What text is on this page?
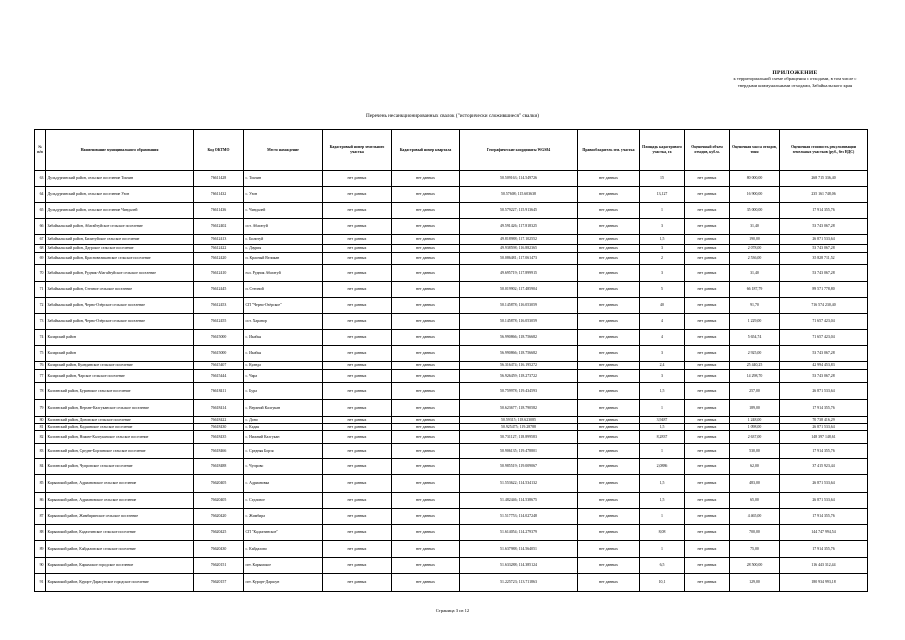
ПРИЛОЖЕНИЕ
к территориальной схеме обращения с отходами, в том числе с
твердыми коммунальными отходами, Забайкальского края
Перечень несанкционированных свалок ("исторически сложившиеся" свалки)
№ п/п	Наименование муниципального образования	Код ОКТМО	Место нахождение	Кадастровый номер земельного участка	Кадастровый номер квартала	Географические координаты WGS84	Правообладатель зем. участка	Площадь кадастрового участка, га	Оценочный объем отходов, куб.м.	Оценочная масса отходов, тонн	Оценочная стоимость рекультивации земельных участков (руб., без НДС)
63	Дульдургинский район, сельское поселение Токчин	76611428	с. Токчин	нет данных	нет данных	50.509163; 114.549726	нет данных	15	нет данных	80 000,00	268 715 336,40
64	Дульдургинский район, сельское поселение Узон	76611432	с. Узон	нет данных	нет данных	50.57608; 115.603638	нет данных	13,127	нет данных	16 900,00	235 161 748,06
65	Дульдургинский район, сельское поселение Чиндалей	76611436	с. Чиндалей	нет данных	нет данных	50.579227; 115.913645	нет данных	1	нет данных	35 000,00	17 914 355,76
66	Забайкальский район, Абагайтуйское сельское поселение	76612402	ост. Абагатуй	нет данных	нет данных	49.591426; 117.818325	нет данных	3	нет данных	31,40	53 743 067,28
67	Забайкальский район, Билитуйское сельское поселение	76612413	с. Билитуй	нет данных	нет данных	49.818988; 117.102552	нет данных	1,5	нет данных	190,00	26 871 533,64
68	Забайкальский район, Даурское сельское поселение	76612422	с. Даурия	нет данных	нет данных	49.938598; 116.882365	нет данных	3	нет данных	2 078,00	53 743 067,28
69	Забайкальский район, Красновеликанское сельское поселение	76612420	п. Красный Великан	нет данных	нет данных	50.086481; 117.061473	нет данных	2	нет данных	2 536,00	35 828 711,52
70	Забайкальский район, Рудник-Абагайтуйское сельское поселение	76612410	н.п. Рудник Абагатуй	нет данных	нет данных	49.695719; 117.899915	нет данных	3	нет данных	31,40	53 743 067,28
71	Забайкальский район, Степное сельское поселение	76612445	п. Степной	нет данных	нет данных	50.019902; 117.485904	нет данных	5	нет данных	66 187,79	89 571 778,80
72	Забайкальский район, Черно-Озёрское сельское поселение	76612453	СП "Черно-Озёрское"	нет данных	нет данных	50.145878; 116.053059	нет данных	40	нет данных	91,70	716 574 230,40
73	Забайкальский район, Черно-Озёрское сельское поселение	76612455	ост. Харанор	нет данных	нет данных	50.145878; 116.053059	нет данных	4	нет данных	1 229,00	71 657 423,04
74	Каларский район	76615000	с. Икабья	нет данных	нет данных	56.990866; 118.756682	нет данных	4	нет данных	5 654,74	71 657 423,04
75	Каларский район	76615000	с. Икабья	нет данных	нет данных	56.990866; 118.756682	нет данных	3	нет данных	2 925,00	53 743 067,28
76	Каларский район, Куандинское сельское поселение	76615407	с. Куанда	нет данных	нет данных	56.316474; 116.195272	нет данных	2,4	нет данных	25 440,25	42 994 453,83
77	Каларский район, Чарское сельское поселение	76615444	с. Чара	нет данных	нет данных	56.926459; 118.273722	нет данных	3	нет данных	14 298,70	53 743 067,28
78	Калганский район, Буринское сельское поселение	76618411	с. Бура	нет данных	нет данных	50.759978; 119.434593	нет данных	1,5	нет данных	257,00	26 871 533,64
79	Калганский район, Верхне-Калгуканское сельское поселение	76618414	с. Верхний Калгукан	нет данных	нет данных	50.623677; 118.790582	нет данных	1	нет данных	189,00	17 914 355,76
80	Калганский район, Доновское сельское поселение	76618422	с. Доно	нет данных	нет данных	50.59315; 118.623085	нет данных	3,9487	нет данных	1 248,00	70 738 416,29
81	Калганский район, Кадаинское сельское поселение	76618430	с. Кадая	нет данных	нет данных	50.925475; 119.28788	нет данных	1,5	нет данных	1 098,00	26 871 533,64
82	Калганский район, Нижне-Калгуканское сельское поселение	76618435	с. Нижний Калгукан	нет данных	нет данных	50.731127; 118.899583	нет данных	8,2837	нет данных	2 637,00	148 397 148,61
83	Калганский район, Средне-Борзинское сельское поселение	76618466	с. Средняя Борзя	нет данных	нет данных	50.906135; 119.478801	нет данных	1	нет данных	530,00	17 914 355,76
84	Калганский район, Чупровское сельское поселение	76618488	с. Чупрово	нет данных	нет данных	50.985519; 119.009067	нет данных	2,0886	нет данных	62,00	37 415 923,44
85	Карымский район, Адриановское сельское поселение	76620405	с. Адриановка	нет данных	нет данных	51.553622; 114.534132	нет данных	1,5	нет данных	483,00	26 871 533,64
86	Карымский район, Адриановское сельское поселение	76620405	с. Седловое	нет данных	нет данных	51.482446; 114.538675	нет данных	1,5	нет данных	65,00	26 871 533,64
87	Карымский район, Жимбиринское сельское поселение	76620420	с. Жимбира	нет данных	нет данных	51.517753; 114.027248	нет данных	1	нет данных	4 465,00	17 914 355,76
88	Карымский район, Кадахтинское сельское поселение	76620425	СП "Кадахтинское"	нет данных	нет данных	51.614054; 114.279379	нет данных	8,08	нет данных	700,00	144 747 994,54
89	Карымский район, Кайдаловское сельское поселение	76620430	с. Кайдалово	нет данных	нет данных	51.637988; 114.564051	нет данных	1	нет данных	75,00	17 914 355,76
90	Карымский район, Карымское городское поселение	76620151	пгт. Карымское	нет данных	нет данных	51.633288; 114.385124	нет данных	6,5	нет данных	28 500,00	116 443 312,44
91	Карымский район, Курорт-Дарасунское городское поселение	76620157	пгт. Курорт-Дарасун	нет данных	нет данных	51.225723; 113.711863	нет данных	10,1	нет данных	129,00	180 934 993,18
Страница 3 из 12
